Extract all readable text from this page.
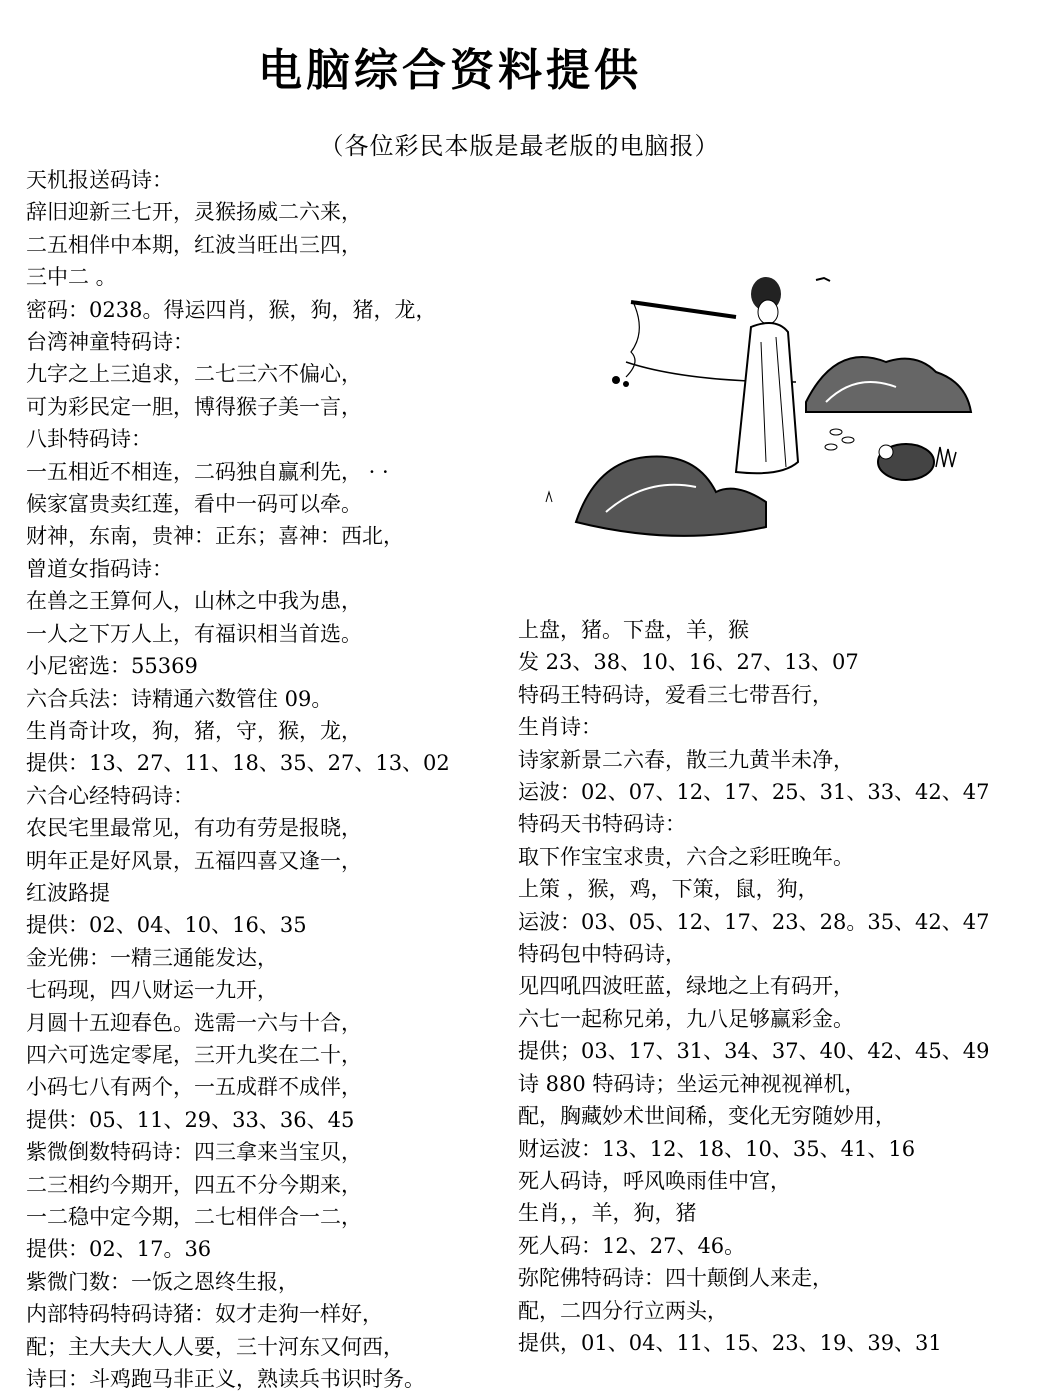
电脑综合资料提供
（各位彩民本版是最老版的电脑报）
天机报送码诗：
辞旧迎新三七开，灵猴扬威二六来，
二五相伴中本期，红波当旺出三四，
三中二 。
密码：0238。得运四肖，猴，狗，猪，龙，
台湾神童特码诗：
九字之上三追求，二七三六不偏心，
可为彩民定一胆，博得猴子美一言，
八卦特码诗：
一五相近不相连，二码独自赢利先， · ·
候家富贵卖红莲，看中一码可以牵。
财神，东南，贵神：正东；喜神：西北，
曾道女指码诗：
在兽之王算何人，山林之中我为患，
一人之下万人上，有福识相当首选。
小尼密选：55369
六合兵法：诗精通六数管住 09。
生肖奇计攻，狗，猪，守，猴，龙，
提供：13、27、11、18、35、27、13、02
六合心经特码诗：
农民宅里最常见，有功有劳是报晓，
明年正是好风景，五福四喜又逢一，
红波路提
提供：02、04、10、16、35
金光佛：一精三通能发达，
七码现，四八财运一九开，
月圆十五迎春色。选需一六与十合，
四六可选定零尾，三开九奖在二十，
小码七八有两个，一五成群不成伴，
提供：05、11、29、33、36、45
紫微倒数特码诗：四三拿来当宝贝，
二三相约今期开，四五不分今期来，
一二稳中定今期，二七相伴合一二，
提供：02、17。36
紫微门数：一饭之恩终生报，
内部特码特码诗猪：奴才走狗一样好，
配；主大夫大人人要，三十河东又何西，
诗曰：斗鸡跑马非正义，熟读兵书识时务。
上盘，猪。下盘，羊，猴
发 23、38、10、16、27、13、07
特码王特码诗，爱看三七带吾行，
生肖诗：
诗家新景二六春，散三九黄半未净，
运波：02、07、12、17、25、31、33、42、47
特码天书特码诗：
取下作宝宝求贵，六合之彩旺晚年。
上策 ，猴，鸡，下策，鼠，狗，
运波：03、05、12、17、23、28。35、42、47
特码包中特码诗，
见四吼四波旺蓝，绿地之上有码开，
六七一起称兄弟，九八足够赢彩金。
提供；03、17、31、34、37、40、42、45、49
诗 880 特码诗；坐运元神视视禅机，
配，胸藏妙术世间稀，变化无穷随妙用，
财运波：13、12、18、10、35、41、16
死人码诗，呼风唤雨佳中宫，
生肖，，羊，狗，猪
死人码：12、27、46。
弥陀佛特码诗：四十颠倒人来走，
配，二四分行立两头，
提供，01、04、11、15、23、19、39、31
